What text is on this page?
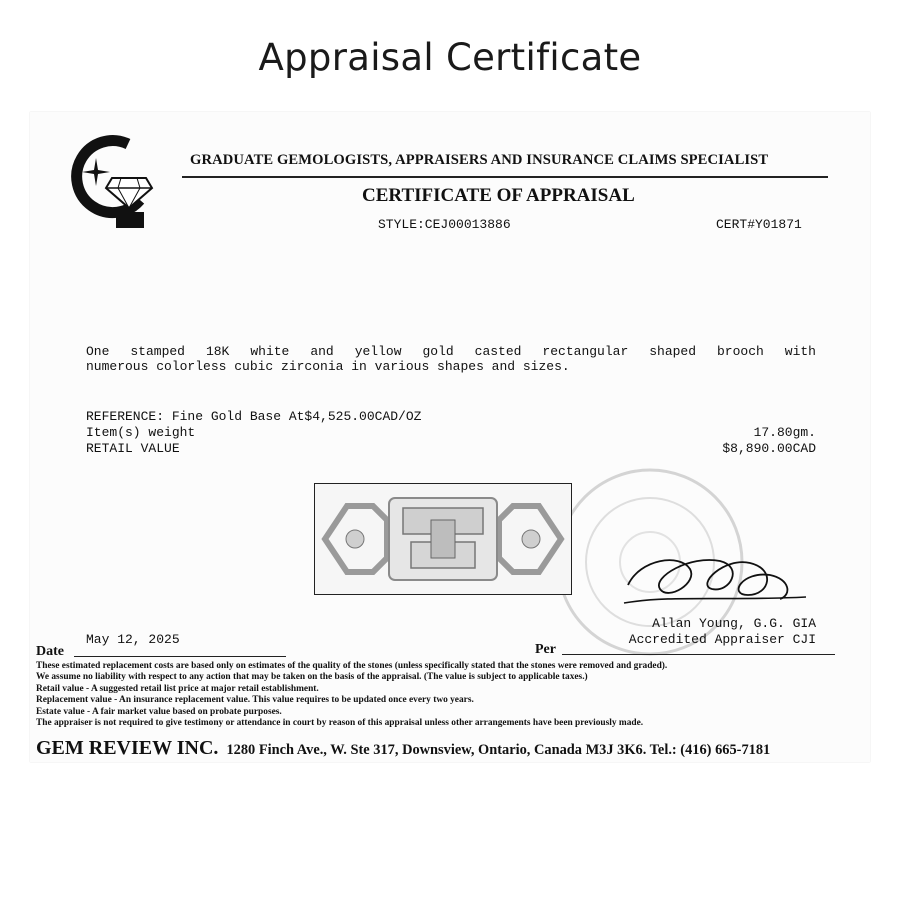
Appraisal Certificate
GRADUATE GEMOLOGISTS, APPRAISERS AND INSURANCE CLAIMS SPECIALIST
CERTIFICATE OF APPRAISAL
STYLE:CEJ00013886	CERT#Y01871
One stamped 18K white and yellow gold casted rectangular shaped brooch with
numerous colorless cubic zirconia in various shapes and sizes.
REFERENCE: Fine Gold Base At$4,525.00CAD/OZ
Item(s) weight	17.80gm.
RETAIL VALUE	$8,890.00CAD
Allan Young, G.G. GIA
Accredited Appraiser CJI
May 12, 2025
Date	Per
These estimated replacement costs are based only on estimates of the quality of the stones (unless specifically stated that the stones were removed and graded).
We assume no liability with respect to any action that may be taken on the basis of the appraisal. (The value is subject to applicable taxes.)
Retail value - A suggested retail list price at major retail establishment.
Replacement value - An insurance replacement value. This value requires to be updated once every two years.
Estate value - A fair market value based on probate purposes.
The appraiser is not required to give testimony or attendance in court by reason of this appraisal unless other arrangements have been previously made.
GEM REVIEW INC. 1280 Finch Ave., W. Ste 317, Downsview, Ontario, Canada M3J 3K6. Tel.: (416) 665-7181
